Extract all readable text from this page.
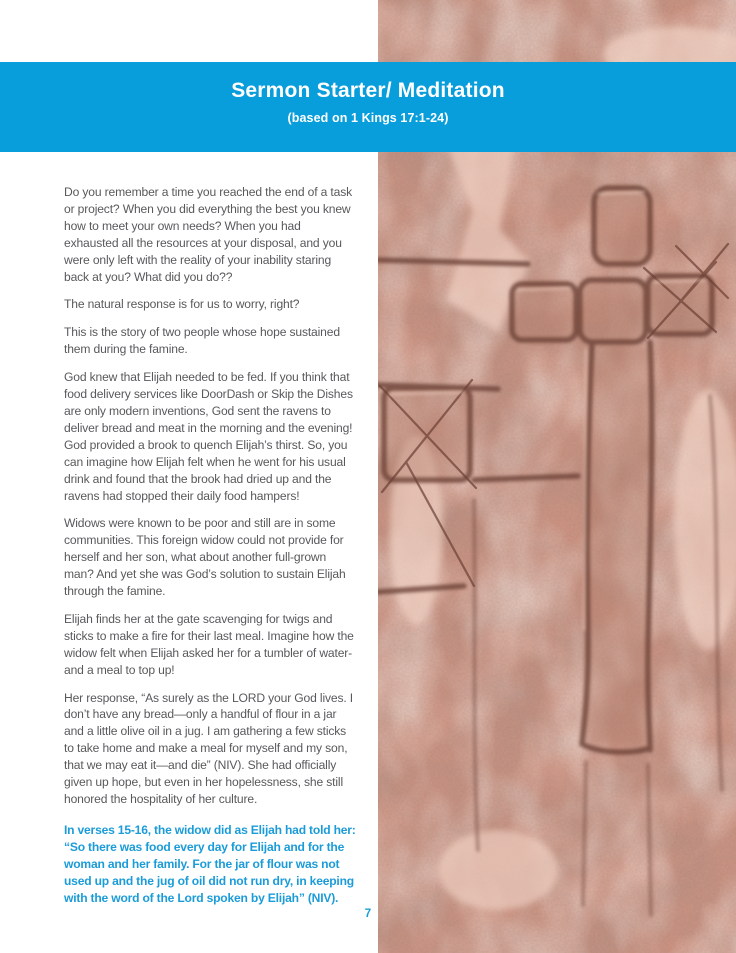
Sermon Starter/ Meditation
(based on 1 Kings 17:1-24)

Do you remember a time you reached the end of a task or project? When you did everything the best you knew how to meet your own needs? When you had exhausted all the resources at your disposal, and you were only left with the reality of your inability staring back at you? What did you do??

The natural response is for us to worry, right?

This is the story of two people whose hope sustained them during the famine.

God knew that Elijah needed to be fed. If you think that food delivery services like DoorDash or Skip the Dishes are only modern inventions, God sent the ravens to deliver bread and meat in the morning and the evening! God provided a brook to quench Elijah’s thirst. So, you can imagine how Elijah felt when he went for his usual drink and found that the brook had dried up and the ravens had stopped their daily food hampers!

Widows were known to be poor and still are in some communities. This foreign widow could not provide for herself and her son, what about another full-grown man? And yet she was God’s solution to sustain Elijah through the famine.

Elijah finds her at the gate scavenging for twigs and sticks to make a fire for their last meal. Imagine how the widow felt when Elijah asked her for a tumbler of water- and a meal to top up!

Her response, “As surely as the LORD your God lives. I don’t have any bread—only a handful of flour in a jar and a little olive oil in a jug. I am gathering a few sticks to take home and make a meal for myself and my son, that we may eat it—and die” (NIV). She had officially given up hope, but even in her hopelessness, she still honored the hospitality of her culture.

In verses 15-16, the widow did as Elijah had told her: “So there was food every day for Elijah and for the woman and her family. For the jar of flour was not used up and the jug of oil did not run dry, in keeping with the word of the Lord spoken by Elijah” (NIV).

7
